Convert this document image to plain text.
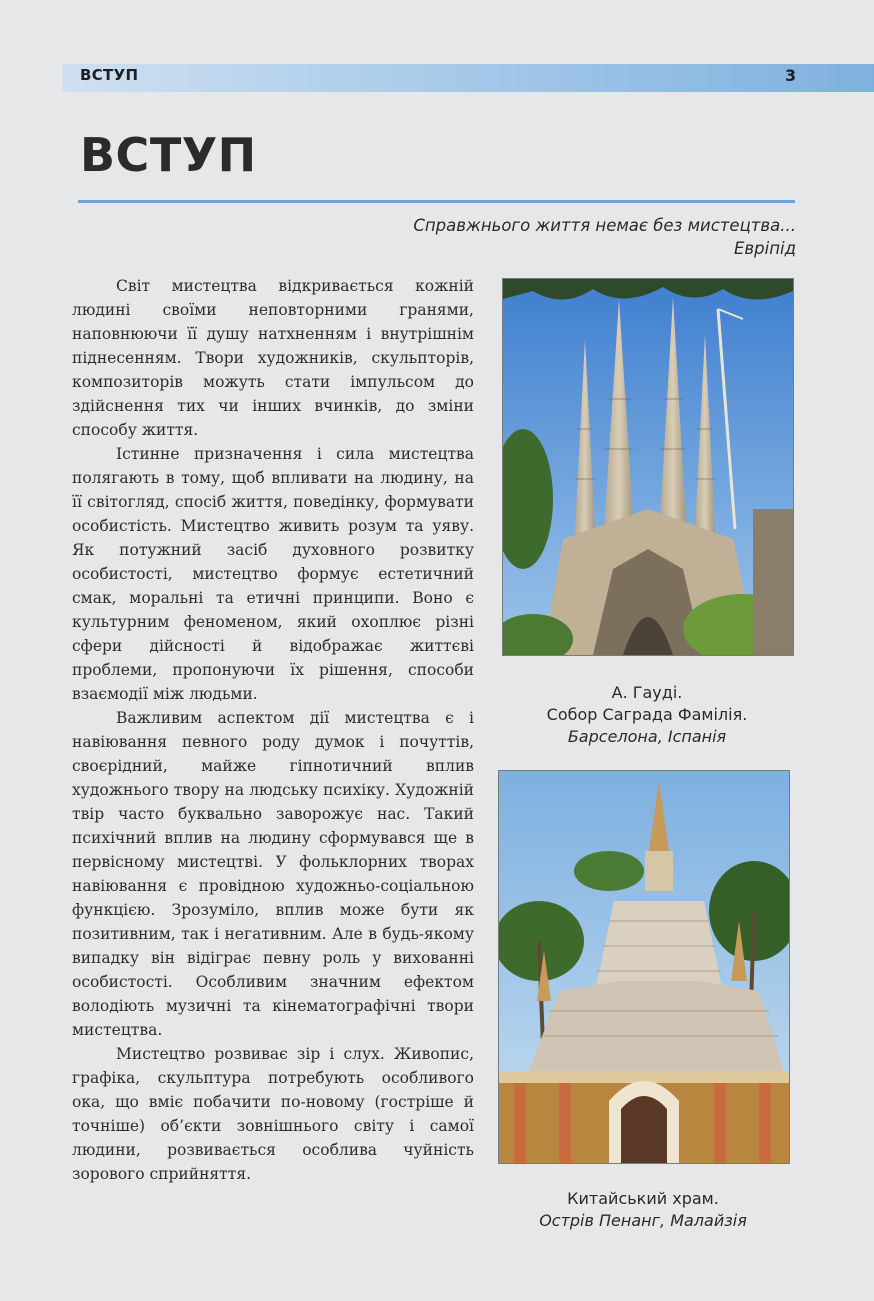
ВСТУП	3
ВСТУП
Справжнього життя немає без мистецтва...
Евріпід

Світ мистецтва відкривається кожній людині своїми неповторними гранями, наповнюючи її душу натхненням і внутрішнім піднесенням. Твори художників, скульпторів, композиторів можуть стати імпульсом до здійснення тих чи інших вчинків, до зміни способу життя.

Істинне призначення і сила мистецтва полягають в тому, щоб впливати на людину, на її світогляд, спосіб життя, поведінку, формувати особистість. Мистецтво живить розум та уяву. Як потужний засіб духовного розвитку особистості, мистецтво формує естетичний смак, моральні та етичні принципи. Воно є культурним феноменом, який охоплює різні сфери дійсності й відображає життєві проблеми, пропонуючи їх рішення, способи взаємодії між людьми.

Важливим аспектом дії мистецтва є і навіювання певного роду думок і почуттів, своєрідний, майже гіпнотичний вплив художнього твору на людську психіку. Художній твір часто буквально заворожує нас. Такий психічний вплив на людину сформувався ще в первісному мистецтві. У фольклорних творах навіювання є провідною художньо-соціальною функцією. Зрозуміло, вплив може бути як позитивним, так і негативним. Але в будь-якому випадку він відіграє певну роль у вихованні особистості. Особливим значним ефектом володіють музичні та кінематографічні твори мистецтва.

Мистецтво розвиває зір і слух. Живопис, графіка, скульптура потребують особливого ока, що вміє побачити по-новому (гостріше й точніше) об’єкти зовнішнього світу і самої людини, розвивається особлива чуйність зорового сприйняття.

А. Гауді.
Собор Саграда Фамілія.
Барселона, Іспанія
Китайський храм.
Острів Пенанг, Малайзія
